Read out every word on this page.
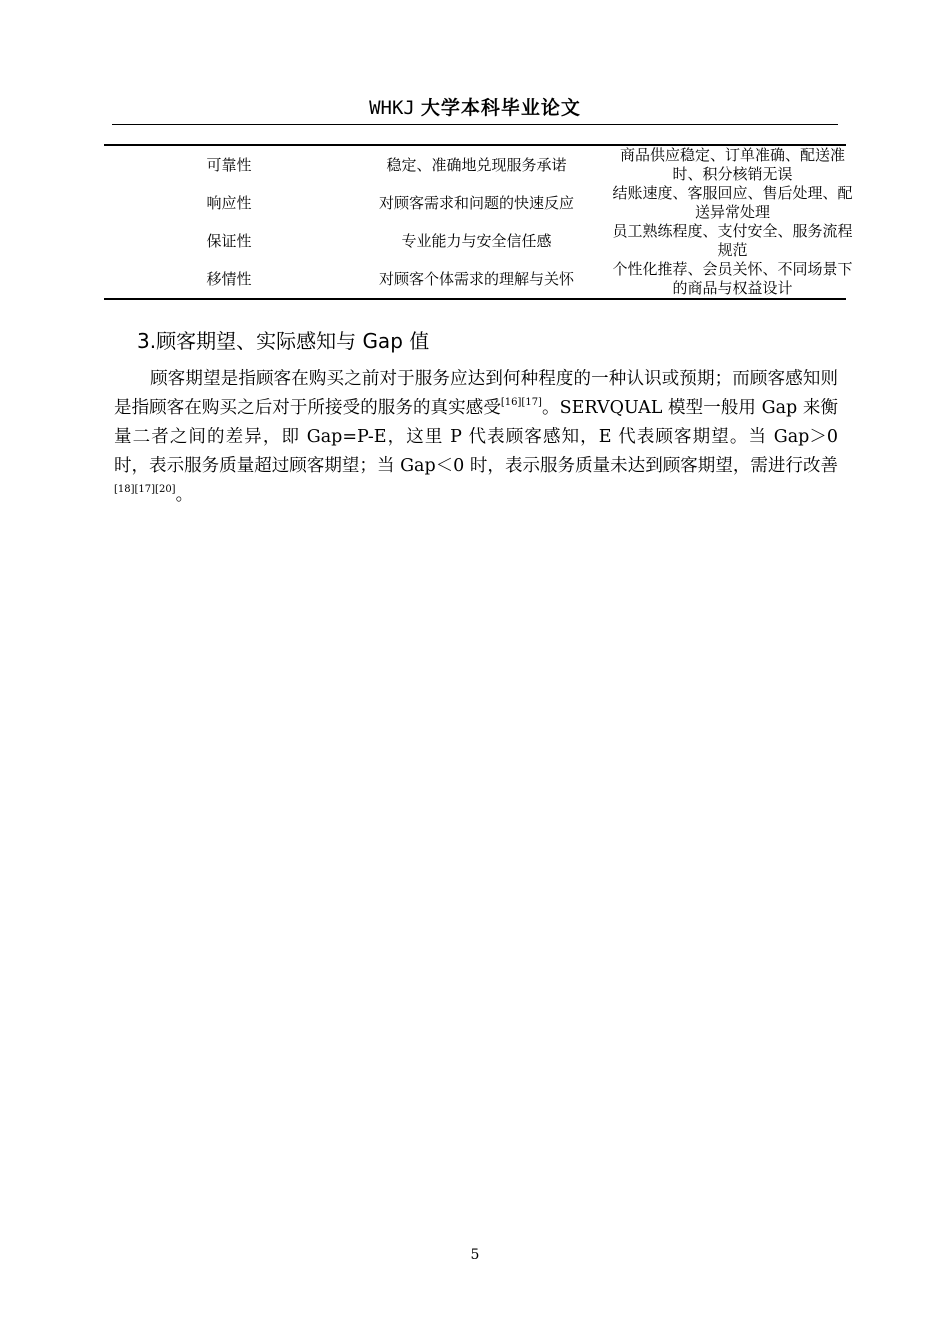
WHKJ 大学本科毕业论文
可靠性	稳定、准确地兑现服务承诺	商品供应稳定、订单准确、配送准时、积分核销无误
响应性	对顾客需求和问题的快速反应	结账速度、客服回应、售后处理、配送异常处理
保证性	专业能力与安全信任感	员工熟练程度、支付安全、服务流程规范
移情性	对顾客个体需求的理解与关怀	个性化推荐、会员关怀、不同场景下的商品与权益设计
3.顾客期望、实际感知与 Gap 值
顾客期望是指顾客在购买之前对于服务应达到何种程度的一种认识或预期；而顾客感知则是指顾客在购买之后对于所接受的服务的真实感受[16][17]。SERVQUAL 模型一般用 Gap 来衡量二者之间的差异，即 Gap=P-E，这里 P 代表顾客感知，E 代表顾客期望。当 Gap＞0 时，表示服务质量超过顾客期望；当 Gap＜0 时，表示服务质量未达到顾客期望，需进行改善[18][17][20]。
5
